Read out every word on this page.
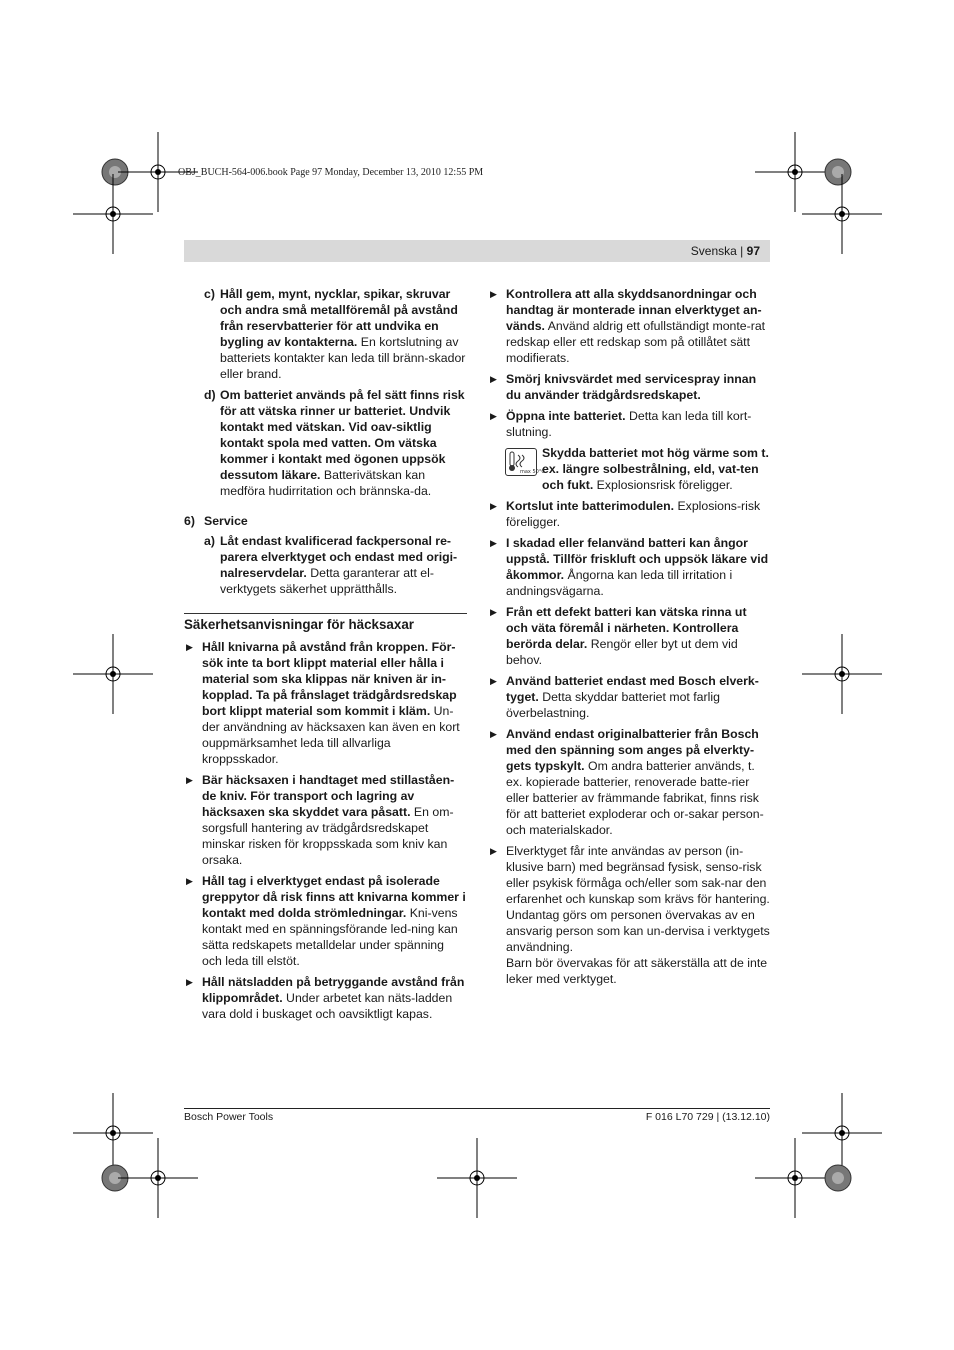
OBJ_BUCH-564-006.book Page 97 Monday, December 13, 2010 12:55 PM
Svenska | 97
c) Håll gem, mynt, nycklar, spikar, skruvar och andra små metallföremål på avstånd från reservbatterier för att undvika en bygling av kontakterna. En kortslutning av batteriets kontakter kan leda till bränn-skador eller brand.
d) Om batteriet används på fel sätt finns risk för att vätska rinner ur batteriet. Undvik kontakt med vätskan. Vid oav-siktlig kontakt spola med vatten. Om vätska kommer i kontakt med ögonen uppsök dessutom läkare. Batterivätskan kan medföra hudirritation och brännska-da.
6) Service
a) Låt endast kvalificerad fackpersonal re-parera elverktyget och endast med origi-nalreservdelar. Detta garanterar att el-verktygets säkerhet upprätthålls.
Säkerhetsanvisningar för häcksaxar
▶ Håll knivarna på avstånd från kroppen. För-sök inte ta bort klippt material eller hålla i material som ska klippas när kniven är in-kopplad. Ta på frånslaget trädgårdsredskap bort klippt material som kommit i kläm. Un-der användning av häcksaxen kan även en kort ouppmärksamhet leda till allvarliga kroppsskador.
▶ Bär häcksaxen i handtaget med stillaståen-de kniv. För transport och lagring av häcksaxen ska skyddet vara påsatt. En om-sorgsfull hantering av trädgårdsredskapet minskar risken för kroppsskada som kniv kan orsaka.
▶ Håll tag i elverktyget endast på isolerade greppytor då risk finns att knivarna kommer i kontakt med dolda strömledningar. Kni-vens kontakt med en spänningsförande led-ning kan sätta redskapets metalldelar under spänning och leda till elstöt.
▶ Håll nätsladden på betryggande avstånd från klippområdet. Under arbetet kan näts-ladden vara dold i buskaget och oavsiktligt kapas.
▶ Kontrollera att alla skyddsanordningar och handtag är monterade innan elverktyget an-vänds. Använd aldrig ett ofullständigt monte-rat redskap eller ett redskap som på otillåtet sätt modifierats.
▶ Smörj knivsvärdet med servicespray innan du använder trädgårdsredskapet.
▶ Öppna inte batteriet. Detta kan leda till kort-slutning.
max 50°C
Skydda batteriet mot hög värme som t. ex. längre solbestrålning, eld, vat-ten och fukt. Explosionsrisk föreligger.
▶ Kortslut inte batterimodulen. Explosions-risk föreligger.
▶ I skadad eller felanvänd batteri kan ångor uppstå. Tillför friskluft och uppsök läkare vid åkommor. Ångorna kan leda till irritation i andningsvägarna.
▶ Från ett defekt batteri kan vätska rinna ut och väta föremål i närheten. Kontrollera berörda delar. Rengör eller byt ut dem vid behov.
▶ Använd batteriet endast med Bosch elverk-tyget. Detta skyddar batteriet mot farlig överbelastning.
▶ Använd endast originalbatterier från Bosch med den spänning som anges på elverkty-gets typskylt. Om andra batterier används, t. ex. kopierade batterier, renoverade batte-rier eller batterier av främmande fabrikat, finns risk för att batteriet exploderar och or-sakar person- och materialskador.
▶ Elverktyget får inte användas av person (in-klusive barn) med begränsad fysisk, senso-risk eller psykisk förmåga och/eller som sak-nar den erfarenhet och kunskap som krävs för hantering. Undantag görs om personen övervakas av en ansvarig person som kan un-dervisa i verktygets användning.
Barn bör övervakas för att säkerställa att de inte leker med verktyget.
Bosch Power Tools	F 016 L70 729 | (13.12.10)
